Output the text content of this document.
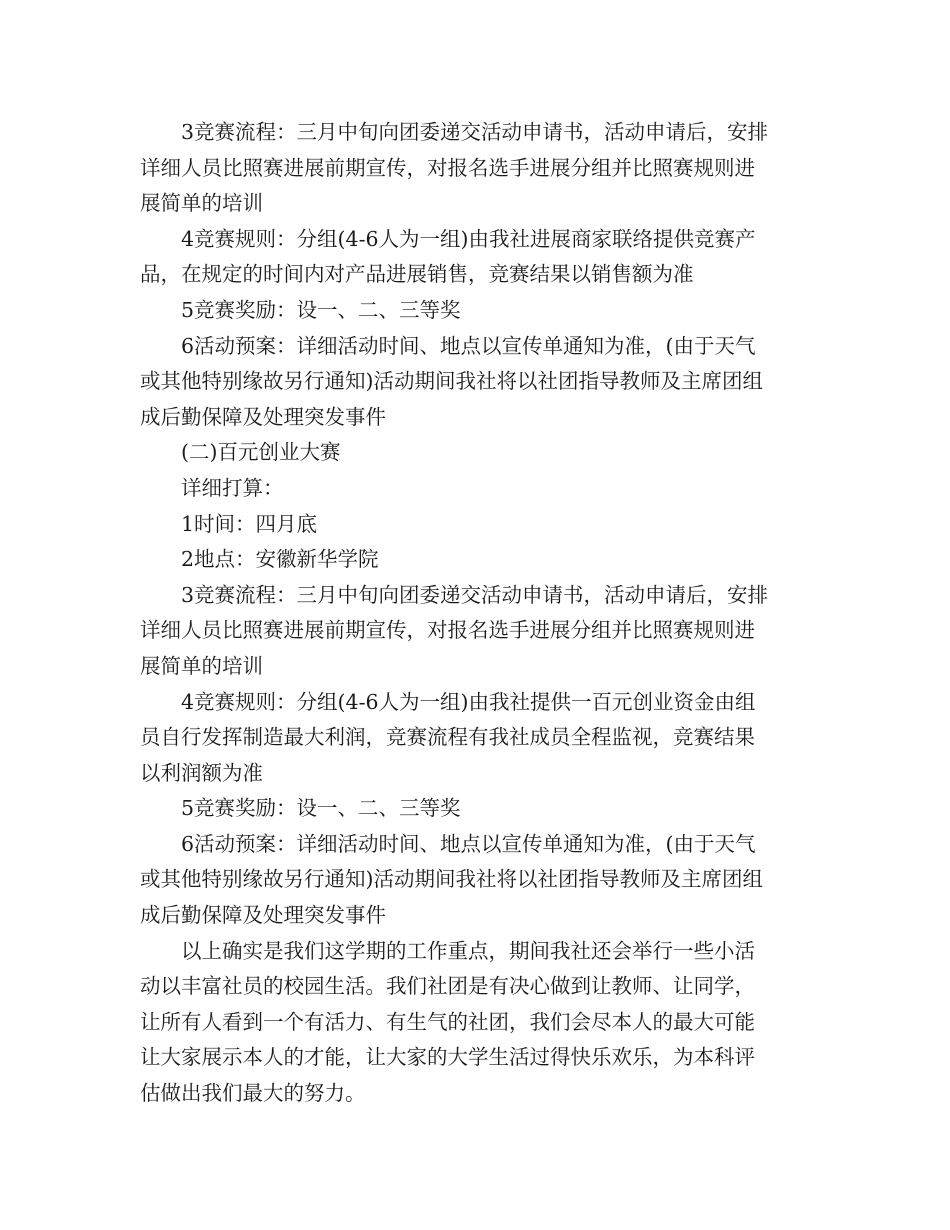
3竞赛流程：三月中旬向团委递交活动申请书，活动申请后，安排
详细人员比照赛进展前期宣传，对报名选手进展分组并比照赛规则进
展简单的培训

4竞赛规则：分组(4-6人为一组)由我社进展商家联络提供竞赛产
品，在规定的时间内对产品进展销售，竞赛结果以销售额为准

5竞赛奖励：设一、二、三等奖

6活动预案：详细活动时间、地点以宣传单通知为准，(由于天气
或其他特别缘故另行通知)活动期间我社将以社团指导教师及主席团组
成后勤保障及处理突发事件

(二)百元创业大赛

详细打算：

1时间：四月底

2地点：安徽新华学院

3竞赛流程：三月中旬向团委递交活动申请书，活动申请后，安排
详细人员比照赛进展前期宣传，对报名选手进展分组并比照赛规则进
展简单的培训

4竞赛规则：分组(4-6人为一组)由我社提供一百元创业资金由组
员自行发挥制造最大利润，竞赛流程有我社成员全程监视，竞赛结果
以利润额为准

5竞赛奖励：设一、二、三等奖

6活动预案：详细活动时间、地点以宣传单通知为准，(由于天气
或其他特别缘故另行通知)活动期间我社将以社团指导教师及主席团组
成后勤保障及处理突发事件

以上确实是我们这学期的工作重点，期间我社还会举行一些小活
动以丰富社员的校园生活。我们社团是有决心做到让教师、让同学，
让所有人看到一个有活力、有生气的社团，我们会尽本人的最大可能
让大家展示本人的才能，让大家的大学生活过得快乐欢乐，为本科评
估做出我们最大的努力。
